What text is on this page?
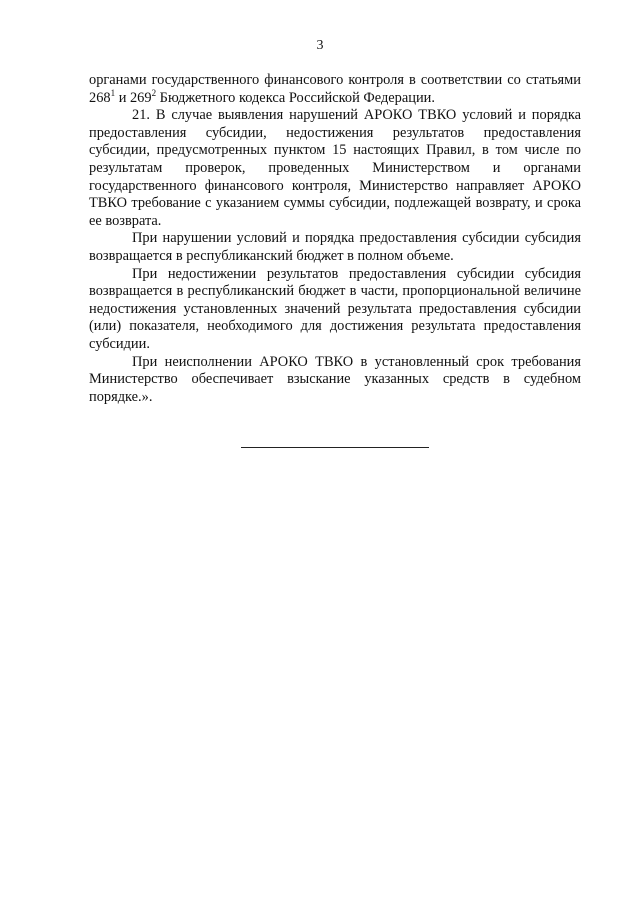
3

органами государственного финансового контроля в соответствии со статьями $268^1$ и $269^2$ Бюджетного кодекса Российской Федерации.

21. В случае выявления нарушений АРОКО ТВКО условий и порядка предоставления субсидии, недостижения результатов предоставления субсидии, предусмотренных пунктом 15 настоящих Правил, в том числе по результатам проверок, проведенных Министерством и органами государственного финансового контроля, Министерство направляет АРОКО ТВКО требование с указанием суммы субсидии, подлежащей возврату, и срока ее возврата.

При нарушении условий и порядка предоставления субсидии субсидия возвращается в республиканский бюджет в полном объеме.

При недостижении результатов предоставления субсидии субсидия возвращается в республиканский бюджет в части, пропорциональной величине недостижения установленных значений результата предоставления субсидии (или) показателя, необходимого для достижения результата предоставления субсидии.

При неисполнении АРОКО ТВКО в установленный срок требования Министерство обеспечивает взыскание указанных средств в судебном порядке.».
